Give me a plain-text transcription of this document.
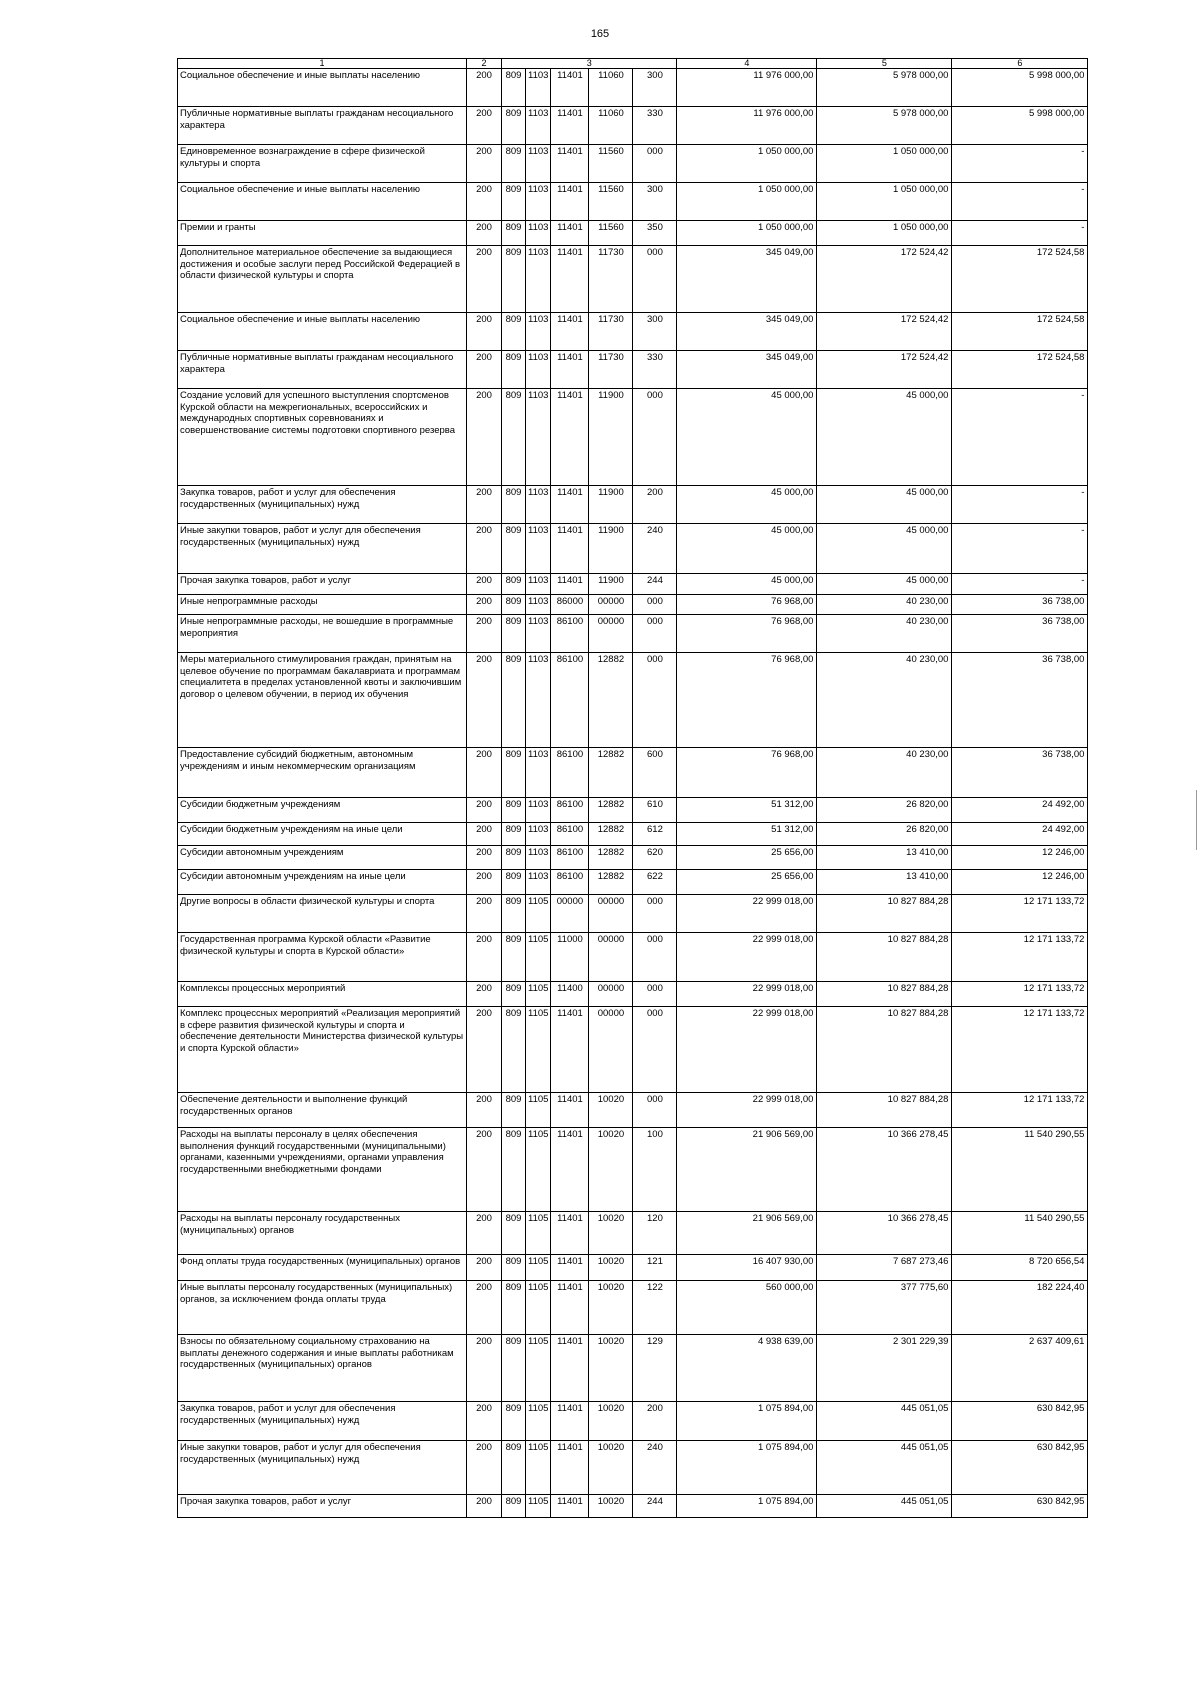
165
1	2	3					4	5	6
Социальное обеспечение и иные выплаты населению	200	809	1103	11401	11060	300	11 976 000,00	5 978 000,00	5 998 000,00
Публичные нормативные выплаты гражданам несоциального характера	200	809	1103	11401	11060	330	11 976 000,00	5 978 000,00	5 998 000,00
Единовременное вознаграждение в сфере физической культуры и спорта	200	809	1103	11401	11560	000	1 050 000,00	1 050 000,00	-
Социальное обеспечение и иные выплаты населению	200	809	1103	11401	11560	300	1 050 000,00	1 050 000,00	-
Премии и гранты	200	809	1103	11401	11560	350	1 050 000,00	1 050 000,00	-
Дополнительное материальное обеспечение за выдающиеся достижения и особые заслуги перед Российской Федерацией в области физической культуры и спорта	200	809	1103	11401	11730	000	345 049,00	172 524,42	172 524,58
Социальное обеспечение и иные выплаты населению	200	809	1103	11401	11730	300	345 049,00	172 524,42	172 524,58
Публичные нормативные выплаты гражданам несоциального характера	200	809	1103	11401	11730	330	345 049,00	172 524,42	172 524,58
Создание условий для успешного выступления спортсменов Курской области на межрегиональных, всероссийских и международных спортивных соревнованиях и совершенствование системы подготовки спортивного резерва	200	809	1103	11401	11900	000	45 000,00	45 000,00	-
Закупка товаров, работ и услуг для обеспечения государственных (муниципальных) нужд	200	809	1103	11401	11900	200	45 000,00	45 000,00	-
Иные закупки товаров, работ и услуг для обеспечения государственных (муниципальных) нужд	200	809	1103	11401	11900	240	45 000,00	45 000,00	-
Прочая закупка товаров, работ и услуг	200	809	1103	11401	11900	244	45 000,00	45 000,00	-
Иные непрограммные расходы	200	809	1103	86000	00000	000	76 968,00	40 230,00	36 738,00
Иные непрограммные расходы, не вошедшие в программные мероприятия	200	809	1103	86100	00000	000	76 968,00	40 230,00	36 738,00
Меры материального стимулирования граждан, принятым на целевое обучение по программам бакалавриата и программам специалитета в пределах установленной квоты и заключившим договор о целевом обучении, в период их обучения	200	809	1103	86100	12882	000	76 968,00	40 230,00	36 738,00
Предоставление субсидий бюджетным, автономным учреждениям и иным некоммерческим организациям	200	809	1103	86100	12882	600	76 968,00	40 230,00	36 738,00
Субсидии бюджетным учреждениям	200	809	1103	86100	12882	610	51 312,00	26 820,00	24 492,00
Субсидии бюджетным учреждениям на иные цели	200	809	1103	86100	12882	612	51 312,00	26 820,00	24 492,00
Субсидии автономным учреждениям	200	809	1103	86100	12882	620	25 656,00	13 410,00	12 246,00
Субсидии автономным учреждениям на иные цели	200	809	1103	86100	12882	622	25 656,00	13 410,00	12 246,00
Другие вопросы в области физической культуры и спорта	200	809	1105	00000	00000	000	22 999 018,00	10 827 884,28	12 171 133,72
Государственная программа Курской области «Развитие физической культуры и спорта в Курской области»	200	809	1105	11000	00000	000	22 999 018,00	10 827 884,28	12 171 133,72
Комплексы процессных мероприятий	200	809	1105	11400	00000	000	22 999 018,00	10 827 884,28	12 171 133,72
Комплекс процессных мероприятий «Реализация мероприятий в сфере развития физической культуры и спорта и обеспечение деятельности Министерства физической культуры и спорта Курской области»	200	809	1105	11401	00000	000	22 999 018,00	10 827 884,28	12 171 133,72
Обеспечение деятельности и выполнение функций государственных органов	200	809	1105	11401	10020	000	22 999 018,00	10 827 884,28	12 171 133,72
Расходы на выплаты персоналу в целях обеспечения выполнения функций государственными (муниципальными) органами, казенными учреждениями, органами управления государственными внебюджетными фондами	200	809	1105	11401	10020	100	21 906 569,00	10 366 278,45	11 540 290,55
Расходы на выплаты персоналу государственных (муниципальных) органов	200	809	1105	11401	10020	120	21 906 569,00	10 366 278,45	11 540 290,55
Фонд оплаты труда государственных (муниципальных) органов	200	809	1105	11401	10020	121	16 407 930,00	7 687 273,46	8 720 656,54
Иные выплаты персоналу государственных (муниципальных) органов, за исключением фонда оплаты труда	200	809	1105	11401	10020	122	560 000,00	377 775,60	182 224,40
Взносы по обязательному социальному страхованию на выплаты денежного содержания и иные выплаты работникам государственных (муниципальных) органов	200	809	1105	11401	10020	129	4 938 639,00	2 301 229,39	2 637 409,61
Закупка товаров, работ и услуг для обеспечения государственных (муниципальных) нужд	200	809	1105	11401	10020	200	1 075 894,00	445 051,05	630 842,95
Иные закупки товаров, работ и услуг для обеспечения государственных (муниципальных) нужд	200	809	1105	11401	10020	240	1 075 894,00	445 051,05	630 842,95
Прочая закупка товаров, работ и услуг	200	809	1105	11401	10020	244	1 075 894,00	445 051,05	630 842,95
